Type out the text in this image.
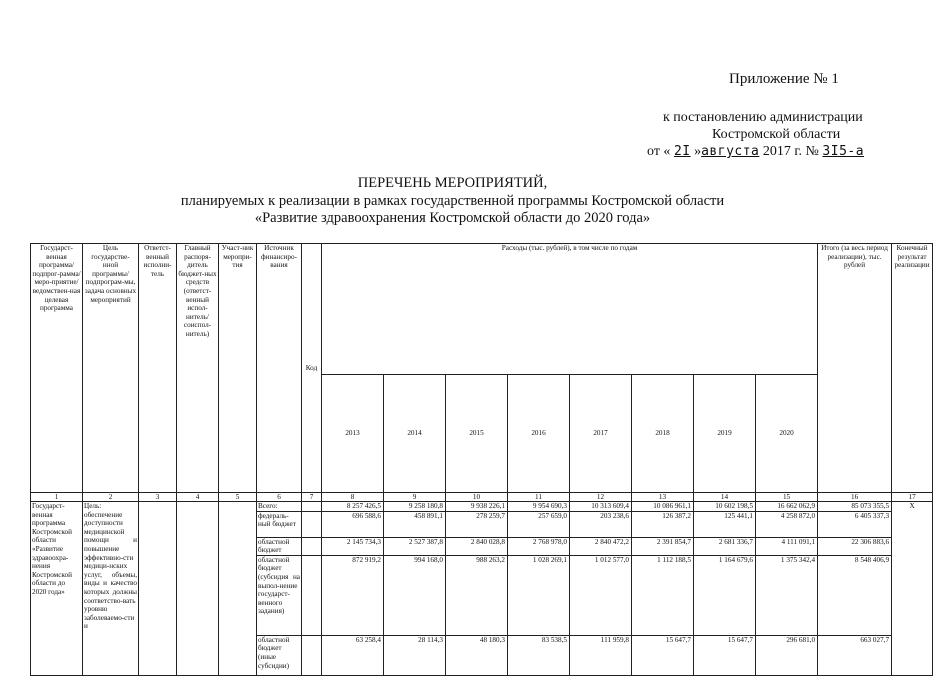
Приложение № 1
к постановлению администрации
Костромской области
от « 2I »августа 2017 г. № 3I5-а
ПЕРЕЧЕНЬ МЕРОПРИЯТИЙ,
планируемых к реализации в рамках государственной программы Костромской области
«Развитие здравоохранения Костромской области до 2020 года»
Государст-венная программа/ подпрог-рамма/меро-приятие/ ведомствен-ная целевая программа	Цель государстве-нной программы/ подпрограм-мы, задача основных мероприятий	Ответст-венный исполни-тель	Главный распоря-дитель бюджет-ных средств (ответст-венный испол-нитель/ соиспол-нитель)	Участ-ник меропри-тия	Источник финансиро-вания	Код	Расходы (тыс. рублей), в том числе по годам								Итого (за весь период реализации), тыс. рублей	Конечный результат реализации
							2013	2014	2015	2016	2017	2018	2019	2020		
1	2	3	4	5	6	7	8	9	10	11	12	13	14	15	16	17
Государст-венная программа Костромской области «Развитие здравоохра-нения Костромской области до 2020 года»	Цель: обеспечение доступности медицинской помощи и повышение эффективно-сти медици-нских услуг, объемы, виды и качество которых должны соответство-вать уровню заболеваемо-сти и				Всего:		8 257 426,5	9 258 180,8	9 938 226,1	9 954 690,3	10 313 609,4	10 086 961,1	10 602 198,5	16 662 062,9	85 073 355,5	Х
					федераль-ный бюджет		696 588,6	458 891,1	278 259,7	257 659,0	203 238,6	126 387,2	125 441,1	4 258 872,0	6 405 337,3	
					областной бюджет		2 145 734,3	2 527 387,8	2 840 028,8	2 768 978,0	2 840 472,2	2 391 854,7	2 681 336,7	4 111 091,1	22 306 883,6	
					областной бюджет (субсидия на выпол-нение государст-венного задания)		872 919,2	994 168,0	988 263,2	1 028 269,1	1 012 577,0	1 112 188,5	1 164 679,6	1 375 342,4	8 548 406,9	
					областной бюджет (иные субсидии)		63 258,4	28 114,3	48 180,3	83 538,5	111 959,8	15 647,7	15 647,7	296 681,0	663 027,7	
